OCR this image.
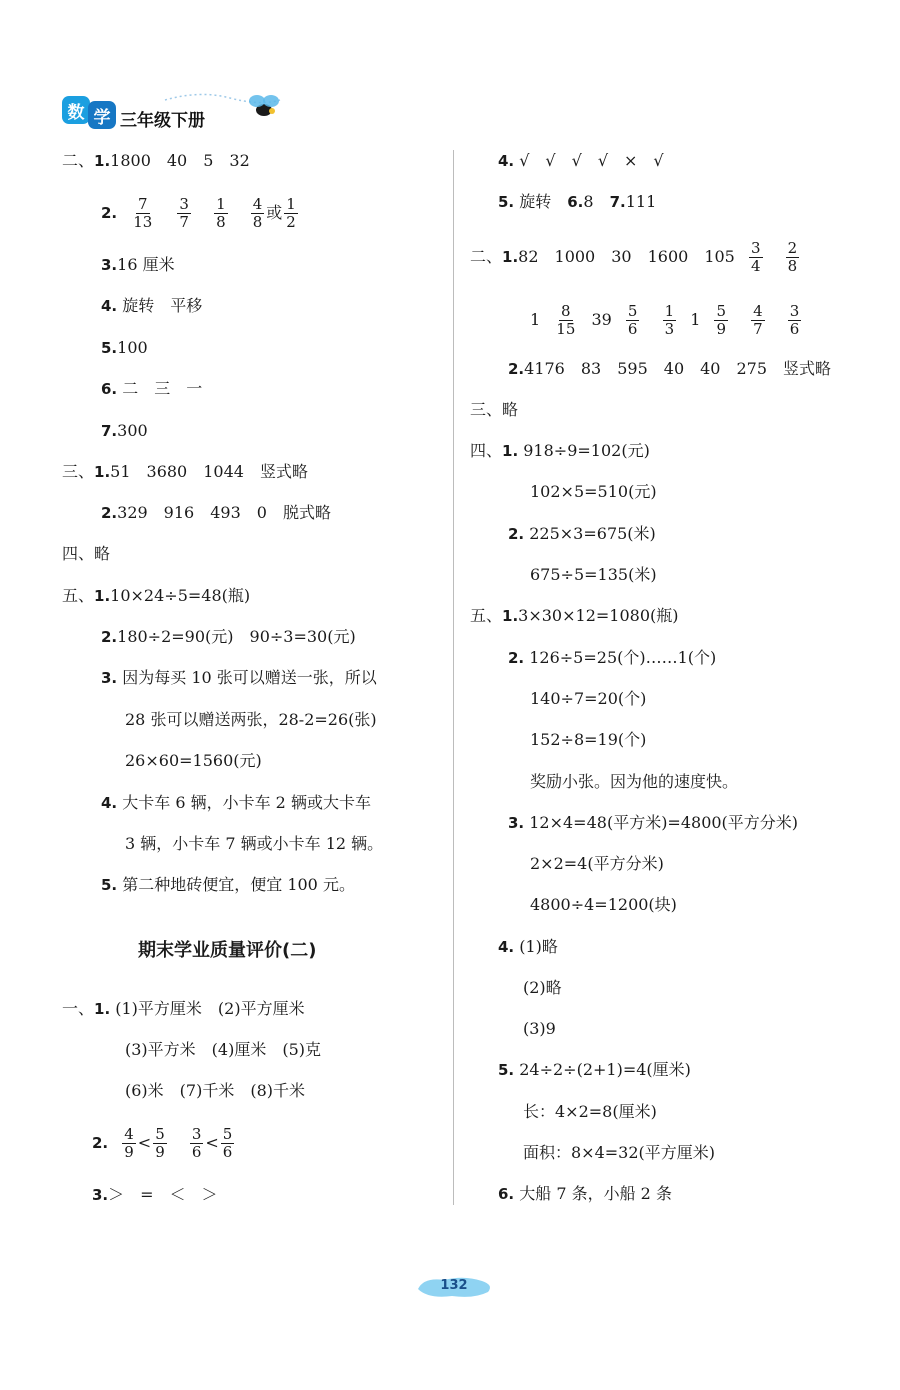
数 学 三年级下册
二、1.1800　40　5　32
2. $\frac{7}{13}$
$\frac{3}{7}$
$\frac{1}{8}$
$\frac{4}{8}$ 或 $\frac{1}{2}$
3.16 厘米
4. 旋转　平移
5.100
6. 二　三　一
7.300
三、1.51　3680　1044　竖式略
2.329　916　493　0　脱式略
四、略
五、1.10×24÷5=48(瓶)
2.180÷2=90(元)　90÷3=30(元)
3. 因为每买 10 张可以赠送一张，所以
28 张可以赠送两张，28-2=26(张)
26×60=1560(元)
4. 大卡车 6 辆，小卡车 2 辆或大卡车
3 辆，小卡车 7 辆或小卡车 12 辆。
5. 第二种地砖便宜，便宜 100 元。
期末学业质量评价(二)
一、1. (1)平方厘米　(2)平方厘米
(3)平方米　(4)厘米　(5)克
(6)米　(7)千米　(8)千米
2. $\frac{4}{9} < \frac{5}{9}$
$\frac{3}{6} < \frac{5}{6}$
3.＞　=　＜　＞
4. √　√　√　√　×　√
5. 旋转 6.8 7.111
二、1.82　1000　30　1600　$105 \frac{3}{4}$
$\frac{2}{8}$
$1 \frac{8}{15} 39 \frac{5}{6}$
$\frac{1}{3} 1 \frac{5}{9}$
$\frac{4}{7}$
$\frac{3}{6}$
2.4176　83　595　40　40　275　竖式略
三、略
四、1. 918÷9=102(元)
102×5=510(元)
2. 225×3=675(米)
675÷5=135(米)
五、1.3×30×12=1080(瓶)
2. 126÷5=25(个)……1(个)
140÷7=20(个)
152÷8=19(个)
奖励小张。因为他的速度快。
3. 12×4=48(平方米)=4800(平方分米)
2×2=4(平方分米)
4800÷4=1200(块)
4. (1)略
(2)略
(3)9
5. 24÷2÷(2+1)=4(厘米)
长：4×2=8(厘米)
面积：8×4=32(平方厘米)
6. 大船 7 条，小船 2 条
132
